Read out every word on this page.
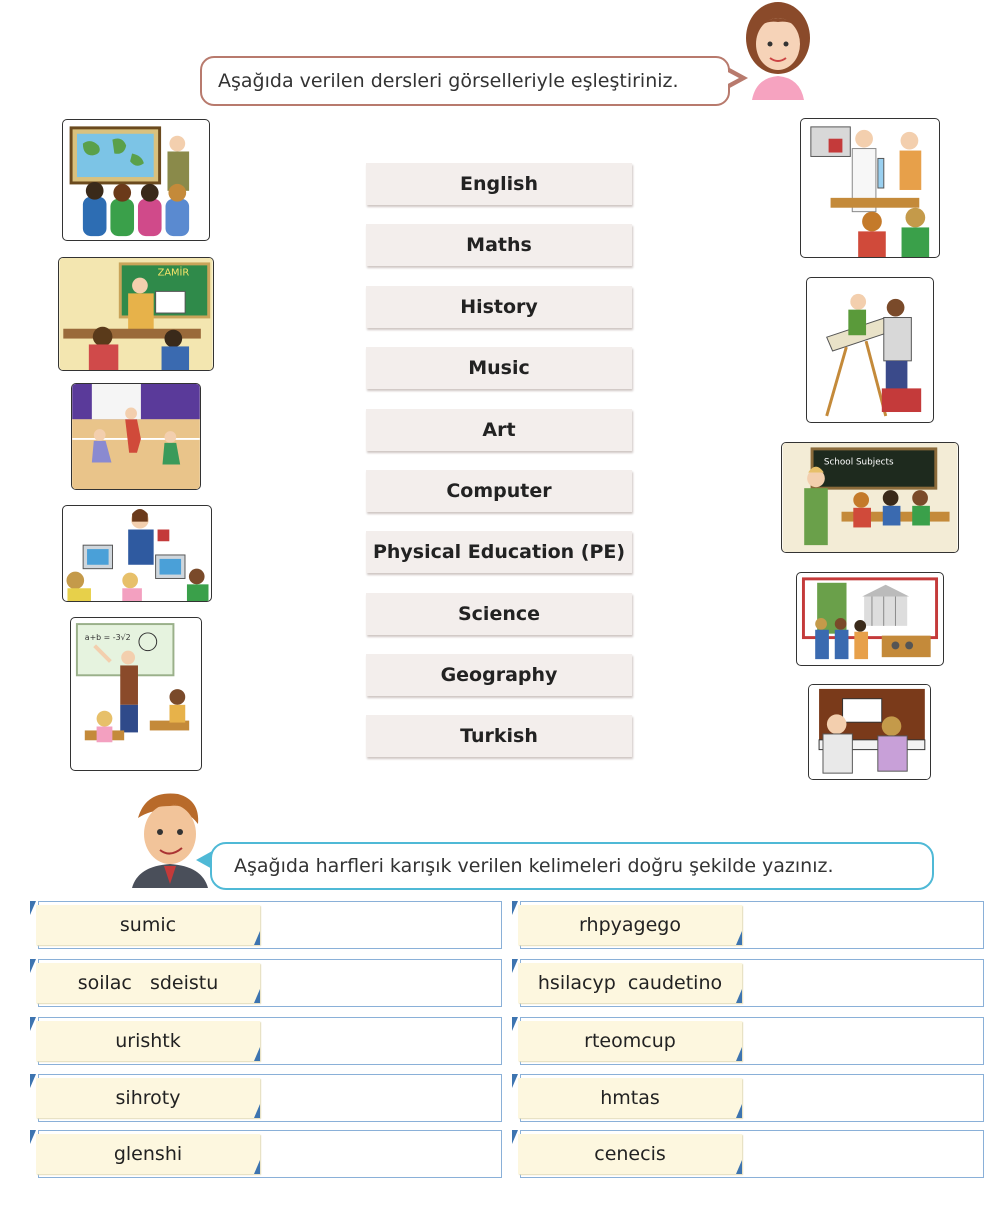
Aşağıda verilen dersleri görselleriyle eşleştiriniz.
ZAMİR
a+b = -3√2
English
Maths
History
Music
Art
Computer
Physical Education (PE)
Science
Geography
Turkish
School Subjects
Aşağıda harfleri karışık verilen kelimeleri doğru şekilde yazınız.
sumic
soilac   sdeistu
urishtk
sihroty
glenshi
rhpyagego
hsilacyp  caudetino
rteomcup
hmtas
cenecis
